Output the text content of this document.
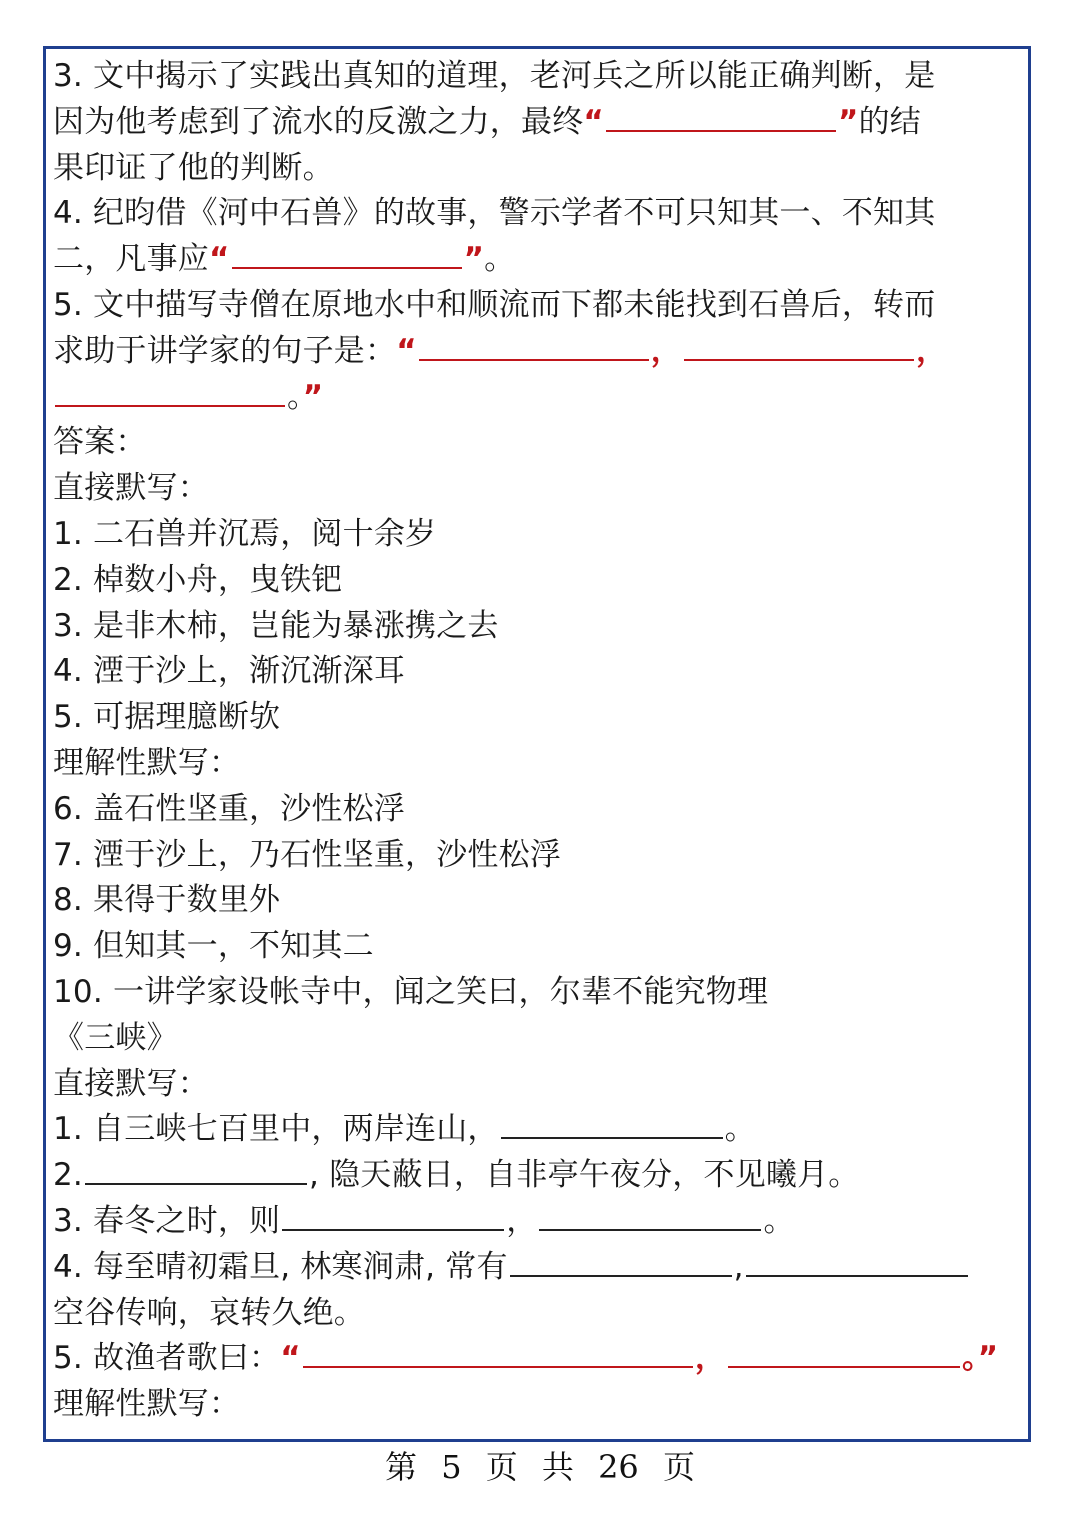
3. 文中揭示了实践出真知的道理，老河兵之所以能正确判断，是
因为他考虑到了流水的反激之力，最终“	”的结
果印证了他的判断。
4. 纪昀借《河中石兽》的故事，警示学者不可只知其一、不知其
二，凡事应“	”。
5. 文中描写寺僧在原地水中和顺流而下都未能找到石兽后，转而
求助于讲学家的句子是：“	，	，
。”
答案：
直接默写：
1. 二石兽并沉焉，阅十余岁
2. 棹数小舟，曳铁钯
3. 是非木柿，岂能为暴涨携之去
4. 湮于沙上，渐沉渐深耳
5. 可据理臆断欤
理解性默写：
6. 盖石性坚重，沙性松浮
7. 湮于沙上，乃石性坚重，沙性松浮
8. 果得于数里外
9. 但知其一，不知其二
10. 一讲学家设帐寺中，闻之笑曰，尔辈不能究物理
《三峡》
直接默写：
1. 自三峡七百里中，两岸连山，	。
2.	, 隐天蔽日，自非亭午夜分，不见曦月。
3. 春冬之时，则	，	。
4. 每至晴初霜旦, 林寒涧肃, 常有	,
空谷传响，哀转久绝。
5. 故渔者歌曰：“	，	。”
理解性默写：
第 5 页 共 26 页
